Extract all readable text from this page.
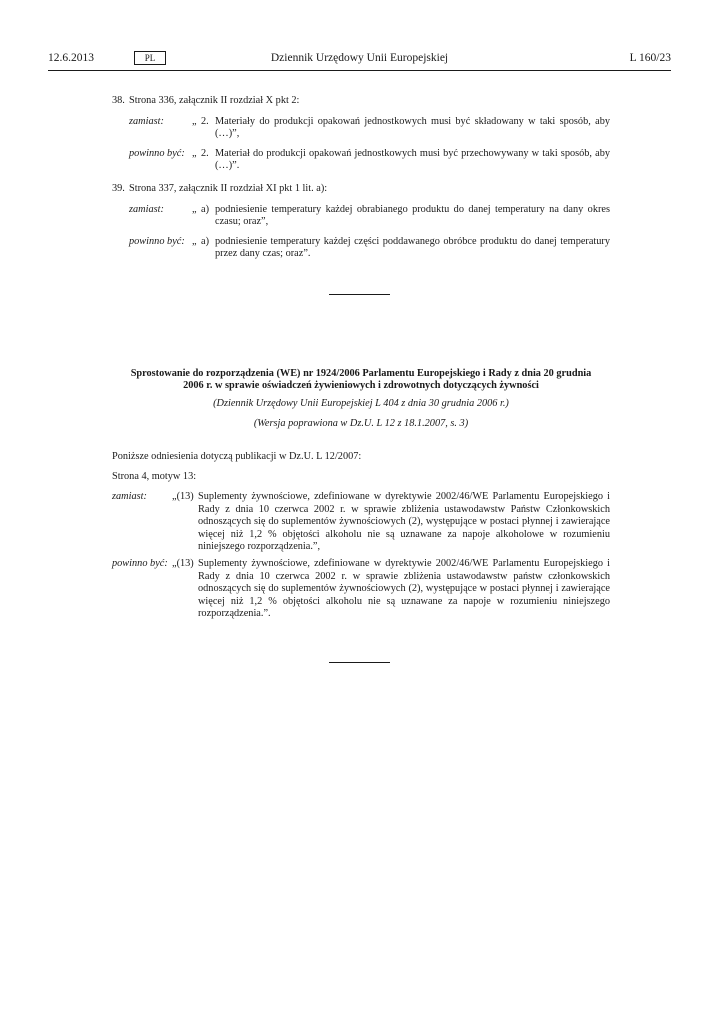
12.6.2013	PL	Dziennik Urzędowy Unii Europejskiej	L 160/23
38. Strona 336, załącznik II rozdział X pkt 2:
zamiast:	„ 2. Materiały do produkcji opakowań jednostkowych musi być składowany w taki sposób, aby (…)”,
powinno być: „ 2. Materiał do produkcji opakowań jednostkowych musi być przechowywany w taki sposób, aby (…)”.
39. Strona 337, załącznik II rozdział XI pkt 1 lit. a):
zamiast:	„ a) podniesienie temperatury każdej obrabianego produktu do danej temperatury na dany okres czasu; oraz”,
powinno być: „ a) podniesienie temperatury każdej części poddawanego obróbce produktu do danej temperatury przez dany czas; oraz”.
Sprostowanie do rozporządzenia (WE) nr 1924/2006 Parlamentu Europejskiego i Rady z dnia 20 grudnia
2006 r. w sprawie oświadczeń żywieniowych i zdrowotnych dotyczących żywności
(Dziennik Urzędowy Unii Europejskiej L 404 z dnia 30 grudnia 2006 r.)
(Wersja poprawiona w Dz.U. L 12 z 18.1.2007, s. 3)
Poniższe odniesienia dotyczą publikacji w Dz.U. L 12/2007:
Strona 4, motyw 13:
zamiast:	„(13) Suplementy żywnościowe, zdefiniowane w dyrektywie 2002/46/WE Parlamentu Europejskiego i Rady z dnia 10 czerwca 2002 r. w sprawie zbliżenia ustawodawstw Państw Członkowskich odnoszących się do suplementów żywnościowych (2), występujące w postaci płynnej i zawierające więcej niż 1,2 % objętości alkoholu nie są uznawane za napoje alkoholowe w rozumieniu niniejszego rozporządzenia.”,
powinno być: „(13) Suplementy żywnościowe, zdefiniowane w dyrektywie 2002/46/WE Parlamentu Europejskiego i Rady z dnia 10 czerwca 2002 r. w sprawie zbliżenia ustawodawstw państw członkowskich odnoszących się do suplementów żywnościowych (2), występujące w postaci płynnej i zawierające więcej niż 1,2 % objętości alkoholu nie są uznawane za napoje w rozumieniu niniejszego rozporządzenia.”.
